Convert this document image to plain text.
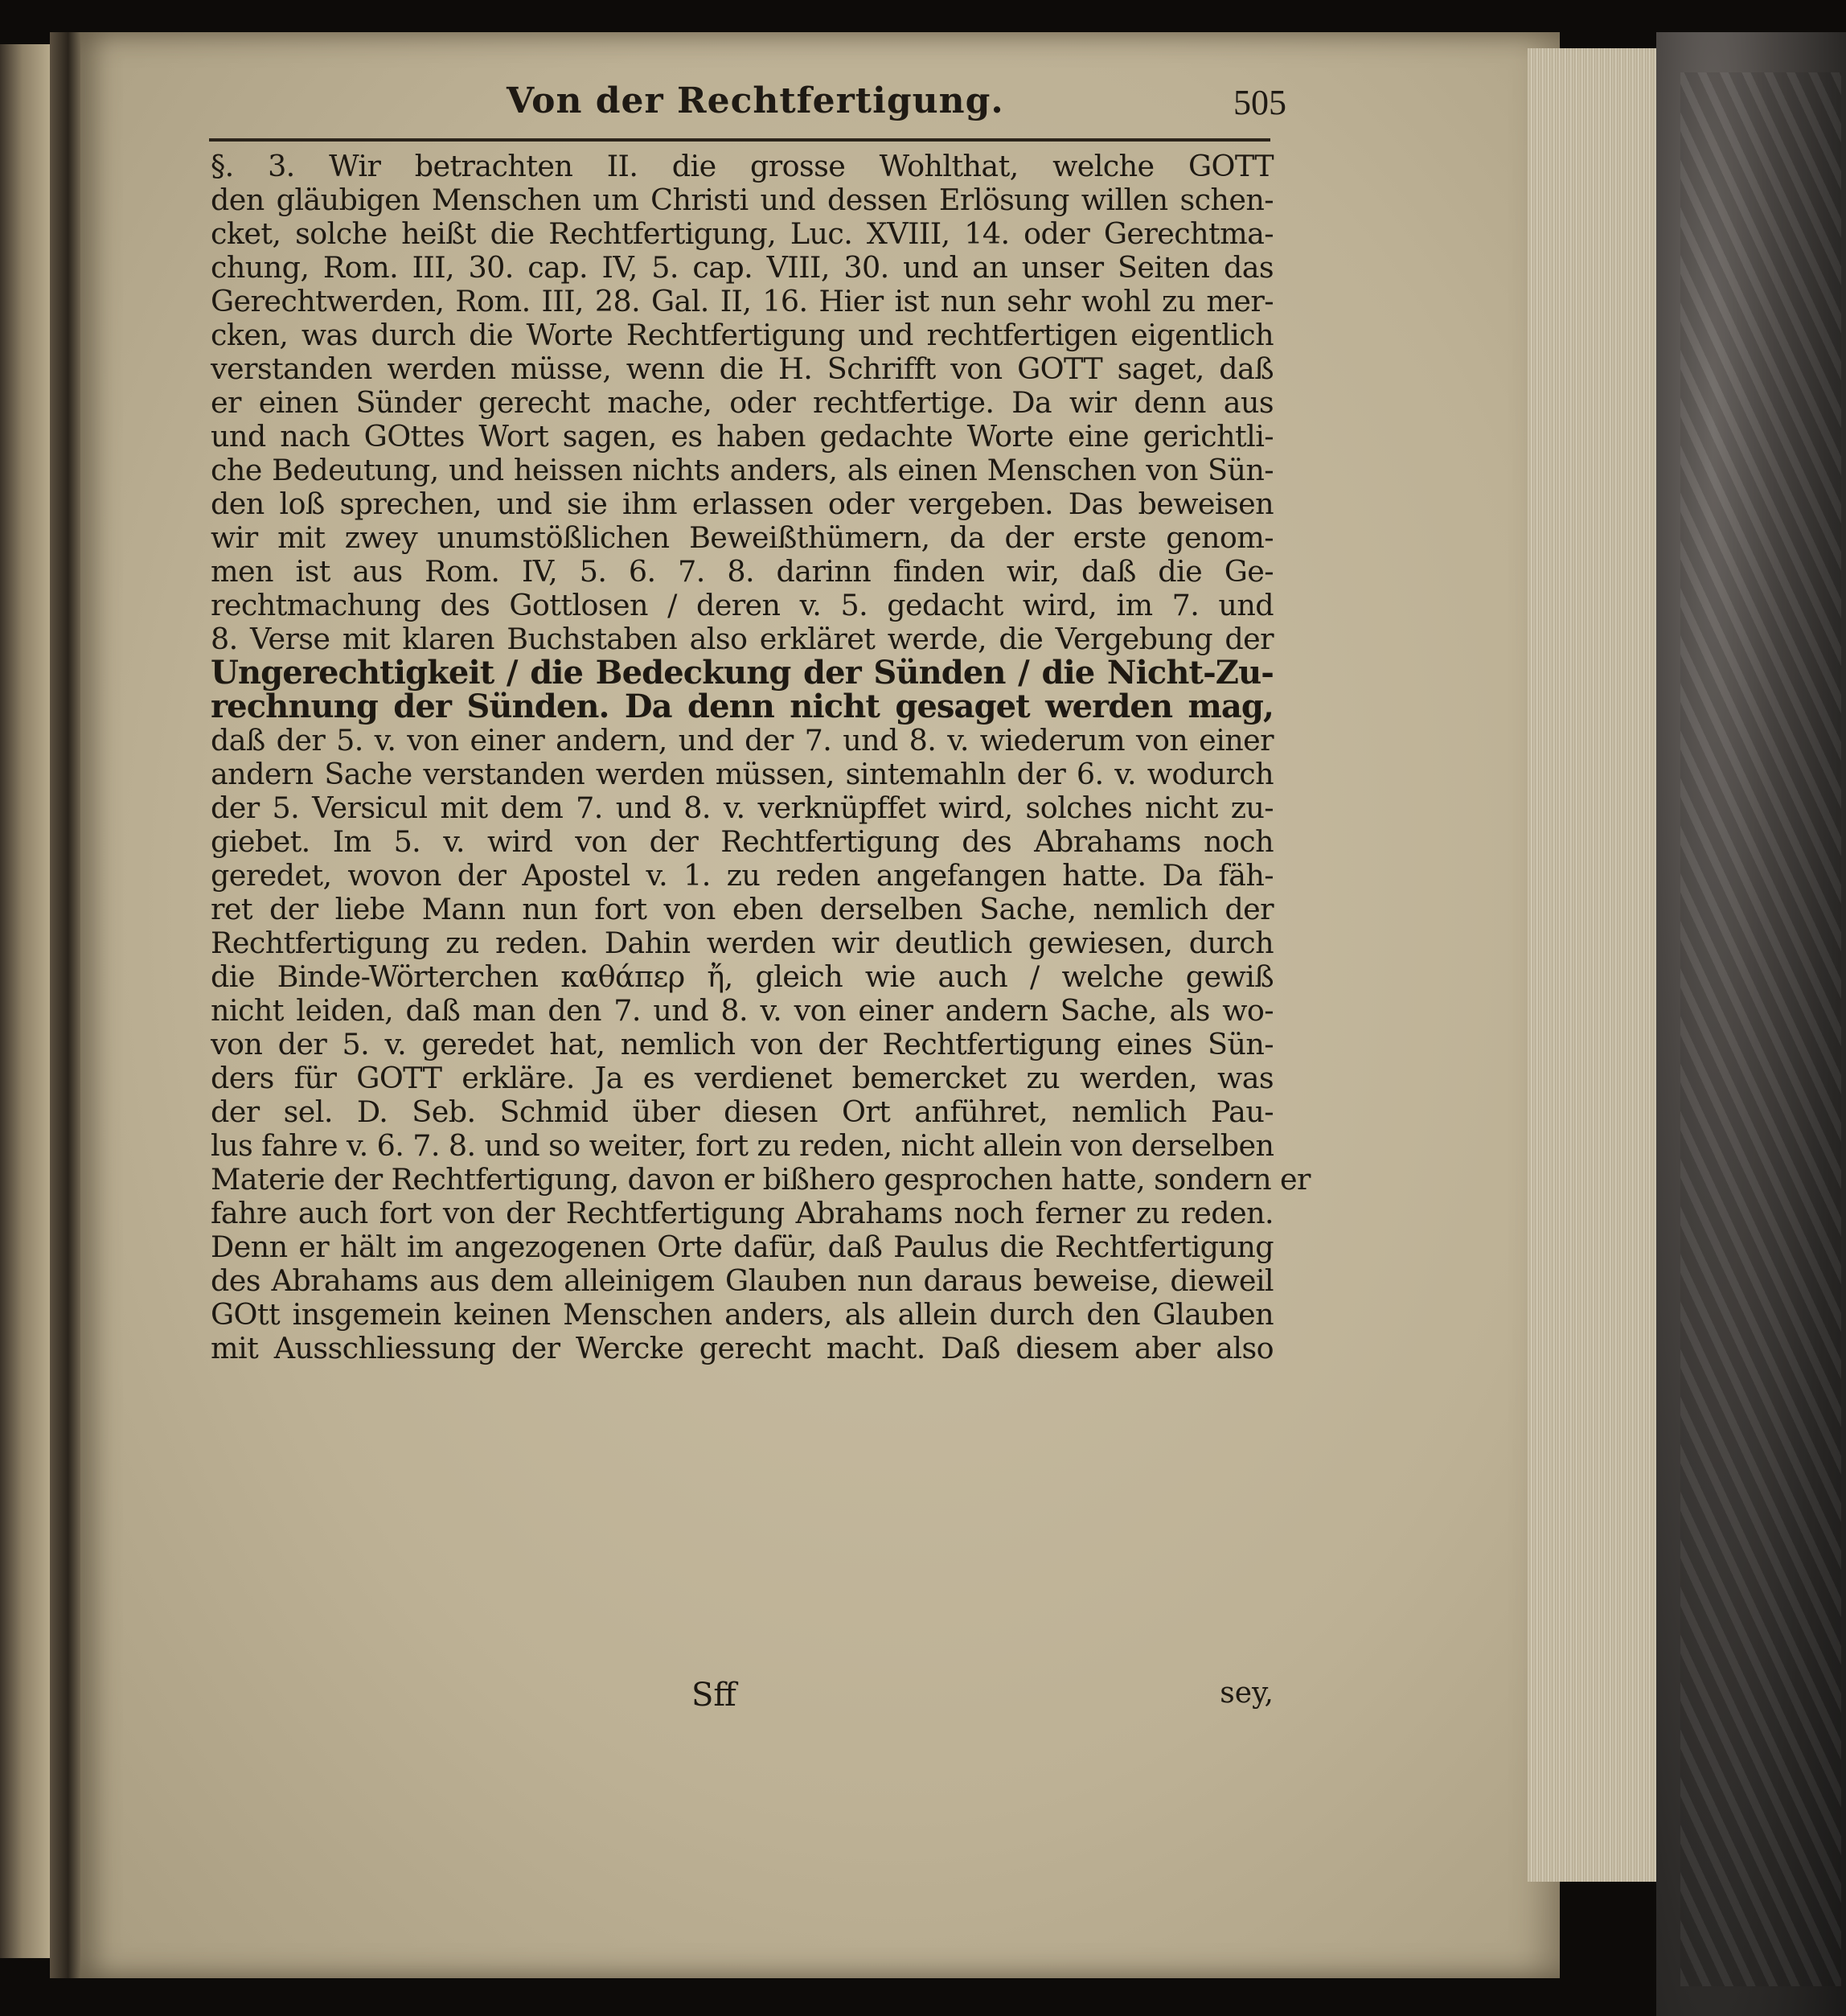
Von der Rechtfertigung.	505
§. 3. Wir betrachten II. die grosse Wohlthat, welche GOTT
den gläubigen Menschen um Christi und dessen Erlösung willen schen-
cket, solche heißt die Rechtfertigung, Luc. XVIII, 14. oder Gerechtma-
chung, Rom. III, 30. cap. IV, 5. cap. VIII, 30. und an unser Seiten das
Gerechtwerden, Rom. III, 28. Gal. II, 16. Hier ist nun sehr wohl zu mer-
cken, was durch die Worte Rechtfertigung und rechtfertigen eigentlich
verstanden werden müsse, wenn die H. Schrifft von GOTT saget, daß
er einen Sünder gerecht mache, oder rechtfertige. Da wir denn aus
und nach GOttes Wort sagen, es haben gedachte Worte eine gerichtli-
che Bedeutung, und heissen nichts anders, als einen Menschen von Sün-
den loß sprechen, und sie ihm erlassen oder vergeben. Das beweisen
wir mit zwey unumstößlichen Beweißthümern, da der erste genom-
men ist aus Rom. IV, 5. 6. 7. 8. darinn finden wir, daß die Ge-
rechtmachung des Gottlosen / deren v. 5. gedacht wird, im 7. und
8. Verse mit klaren Buchstaben also erkläret werde, die Vergebung der
Ungerechtigkeit / die Bedeckung der Sünden / die Nicht-Zu-
rechnung der Sünden. Da denn nicht gesaget werden mag,
daß der 5. v. von einer andern, und der 7. und 8. v. wiederum von einer
andern Sache verstanden werden müssen, sintemahln der 6. v. wodurch
der 5. Versicul mit dem 7. und 8. v. verknüpffet wird, solches nicht zu-
giebet. Im 5. v. wird von der Rechtfertigung des Abrahams noch
geredet, wovon der Apostel v. 1. zu reden angefangen hatte. Da fäh-
ret der liebe Mann nun fort von eben derselben Sache, nemlich der
Rechtfertigung zu reden. Dahin werden wir deutlich gewiesen, durch
die Binde-Wörterchen καθάπερ ἤ, gleich wie auch / welche gewiß
nicht leiden, daß man den 7. und 8. v. von einer andern Sache, als wo-
von der 5. v. geredet hat, nemlich von der Rechtfertigung eines Sün-
ders für GOTT erkläre. Ja es verdienet bemercket zu werden, was
der sel. D. Seb. Schmid über diesen Ort anführet, nemlich Pau-
lus fahre v. 6. 7. 8. und so weiter, fort zu reden, nicht allein von derselben
Materie der Rechtfertigung, davon er bißhero gesprochen hatte, sondern er
fahre auch fort von der Rechtfertigung Abrahams noch ferner zu reden.
Denn er hält im angezogenen Orte dafür, daß Paulus die Rechtfertigung
des Abrahams aus dem alleinigem Glauben nun daraus beweise, dieweil
GOtt insgemein keinen Menschen anders, als allein durch den Glauben
mit Ausschliessung der Wercke gerecht macht. Daß diesem aber also
Sff	sey,
